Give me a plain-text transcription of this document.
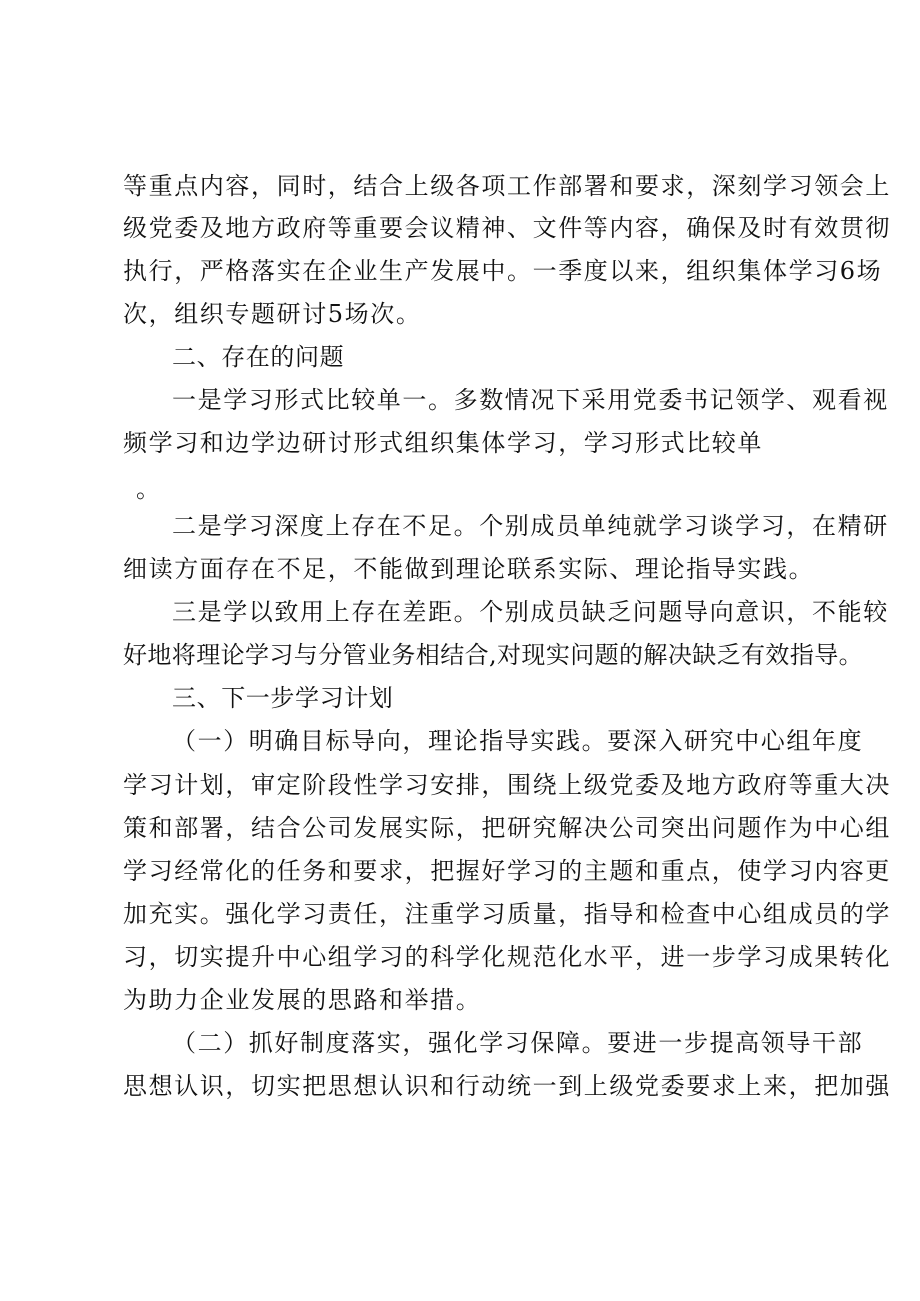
等重点内容，同时，结合上级各项工作部署和要求，深刻学习领会上
级党委及地方政府等重要会议精神、文件等内容，确保及时有效贯彻
执行，严格落实在企业生产发展中。一季度以来，组织集体学习6场
次，组织专题研讨5场次。
二、存在的问题
一是学习形式比较单一。多数情况下采用党委书记领学、观看视
频学习和边学边研讨形式组织集体学习，学习形式比较单
。
二是学习深度上存在不足。个别成员单纯就学习谈学习，在精研
细读方面存在不足，不能做到理论联系实际、理论指导实践。
三是学以致用上存在差距。个别成员缺乏问题导向意识，不能较
好地将理论学习与分管业务相结合,对现实问题的解决缺乏有效指导。
三、下一步学习计划
（一）明确目标导向，理论指导实践。要深入研究中心组年度
学习计划，审定阶段性学习安排，围绕上级党委及地方政府等重大决
策和部署，结合公司发展实际，把研究解决公司突出问题作为中心组
学习经常化的任务和要求，把握好学习的主题和重点，使学习内容更
加充实。强化学习责任，注重学习质量，指导和检查中心组成员的学
习，切实提升中心组学习的科学化规范化水平，进一步学习成果转化
为助力企业发展的思路和举措。
（二）抓好制度落实，强化学习保障。要进一步提高领导干部
思想认识，切实把思想认识和行动统一到上级党委要求上来，把加强
